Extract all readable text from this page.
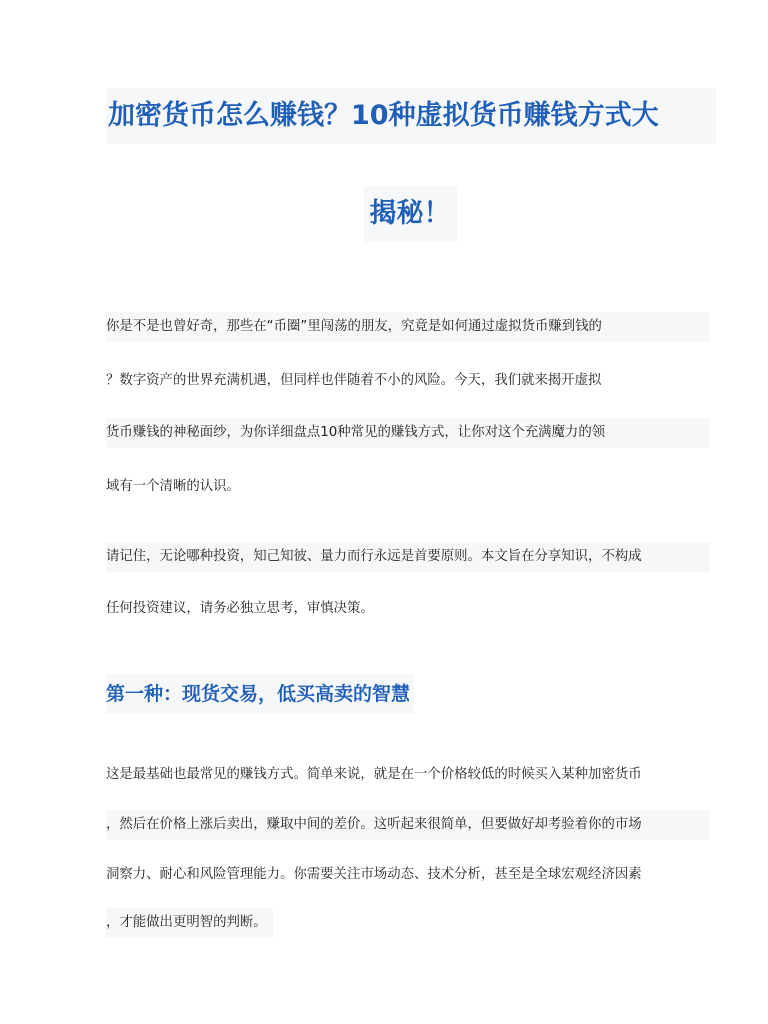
加密货币怎么赚钱？10种虚拟货币赚钱方式大
揭秘！
你是不是也曾好奇，那些在“币圈”里闯荡的朋友，究竟是如何通过虚拟货币赚到钱的
？数字资产的世界充满机遇，但同样也伴随着不小的风险。今天，我们就来揭开虚拟
货币赚钱的神秘面纱，为你详细盘点10种常见的赚钱方式，让你对这个充满魔力的领
域有一个清晰的认识。
请记住，无论哪种投资，知己知彼、量力而行永远是首要原则。本文旨在分享知识，不构成
任何投资建议，请务必独立思考，审慎决策。
第一种：现货交易，低买高卖的智慧
这是最基础也最常见的赚钱方式。简单来说，就是在一个价格较低的时候买入某种加密货币
，然后在价格上涨后卖出，赚取中间的差价。这听起来很简单，但要做好却考验着你的市场
洞察力、耐心和风险管理能力。你需要关注市场动态、技术分析，甚至是全球宏观经济因素
，才能做出更明智的判断。
